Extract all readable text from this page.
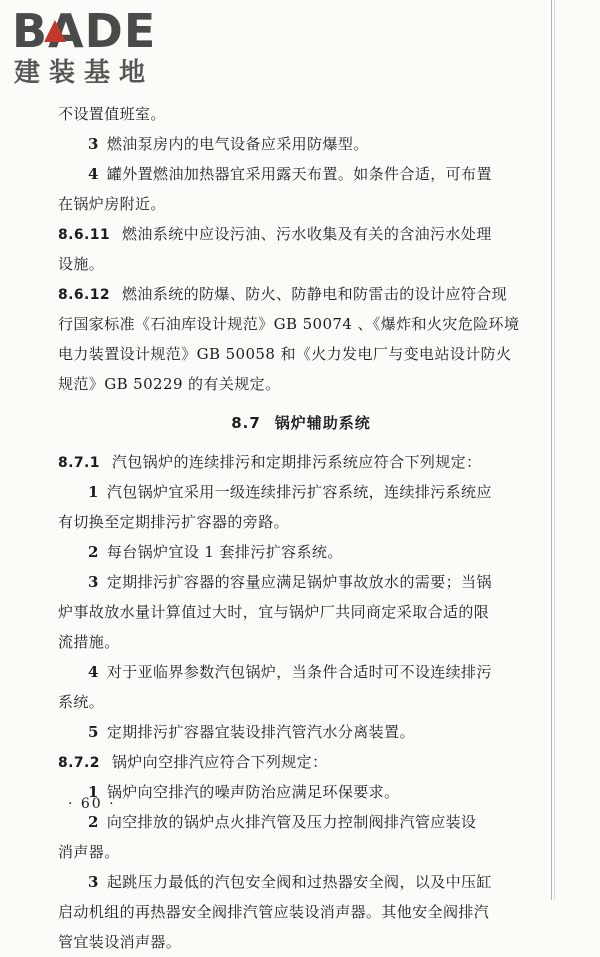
BADE
建装基地
不设置值班室。
3 燃油泵房内的电气设备应采用防爆型。
4 罐外置燃油加热器宜采用露天布置。如条件合适，可布置
在锅炉房附近。
8.6.11 燃油系统中应设污油、污水收集及有关的含油污水处理
设施。
8.6.12 燃油系统的防爆、防火、防静电和防雷击的设计应符合现
行国家标准《石油库设计规范》GB 50074 、《爆炸和火灾危险环境
电力装置设计规范》GB 50058 和《火力发电厂与变电站设计防火
规范》GB 50229 的有关规定。
8.7 锅炉辅助系统
8.7.1 汽包锅炉的连续排污和定期排污系统应符合下列规定：
1 汽包锅炉宜采用一级连续排污扩容系统，连续排污系统应
有切换至定期排污扩容器的旁路。
2 每台锅炉宜设 1 套排污扩容系统。
3 定期排污扩容器的容量应满足锅炉事故放水的需要；当锅
炉事故放水量计算值过大时，宜与锅炉厂共同商定采取合适的限
流措施。
4 对于亚临界参数汽包锅炉，当条件合适时可不设连续排污
系统。
5 定期排污扩容器宜装设排汽管汽水分离装置。
8.7.2 锅炉向空排汽应符合下列规定：
1 锅炉向空排汽的噪声防治应满足环保要求。
2 向空排放的锅炉点火排汽管及压力控制阀排汽管应装设
消声器。
3 起跳压力最低的汽包安全阀和过热器安全阀，以及中压缸
启动机组的再热器安全阀排汽管应装设消声器。其他安全阀排汽
管宜装设消声器。
· 60 ·
